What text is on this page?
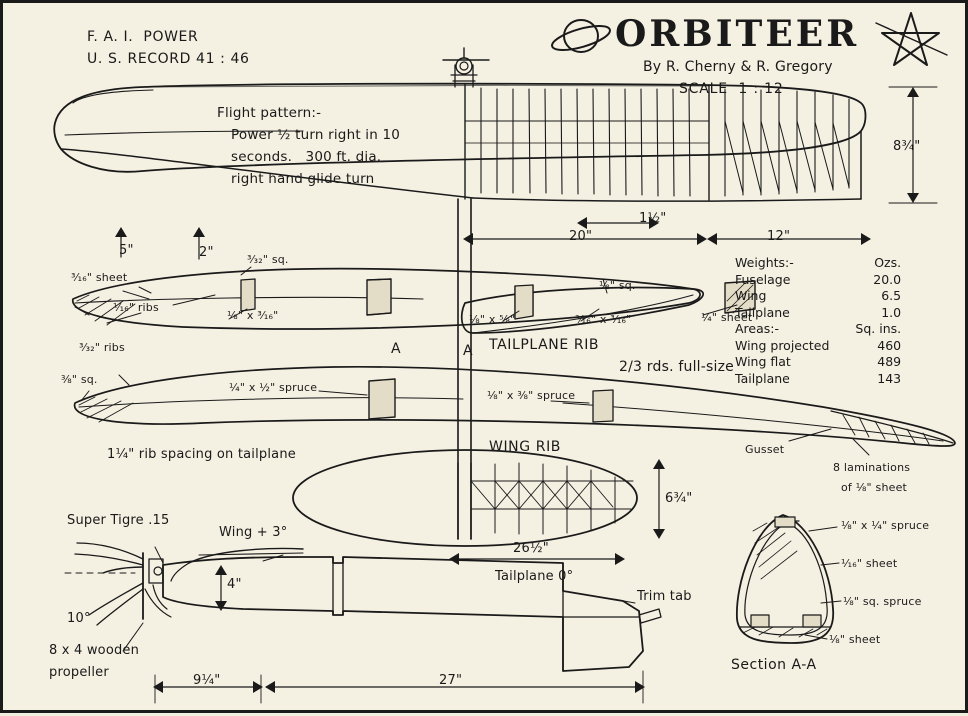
F. A. I.  POWER
U. S. RECORD 41 : 46
ORBITEER
By R. Cherny & R. Gregory
SCALE  1 : 12
Flight pattern:-
Power ½ turn right in 10
seconds.   300 ft. dia.
right hand glide turn
8¾"
1½"
20"	12"
5"	2"
³⁄₁₆" sheet
³⁄₃₂" sq.
¹⁄₁₆" ribs
⅛" x ³⁄₁₆"
⅛" sq.
⅛" x ⅝"	³⁄₁₆" x ³⁄₁₆"	¼" sheet
TAILPLANE RIB
A	A
³⁄₃₂" ribs
⅜" sq.
¼" x ½" spruce
⅛" x ⅜" spruce
2/3 rds. full-size
WING RIB
1¼" rib spacing on tailplane	Gusset
8 laminations
of ⅛" sheet
6¾"
26½"
Super Tigre .15
Wing + 3°
Tailplane 0°
Trim tab
4"
10°
8 x 4 wooden
propeller
9¼"	27"
⅛" x ¼" spruce
¹⁄₁₆" sheet
⅛" sq. spruce
⅛" sheet
Section A-A
Weights:-	Ozs.
Fuselage	20.0
Wing	6.5
Tailplane	1.0
Areas:-	Sq. ins.
Wing projected	460
Wing flat	489
Tailplane	143
